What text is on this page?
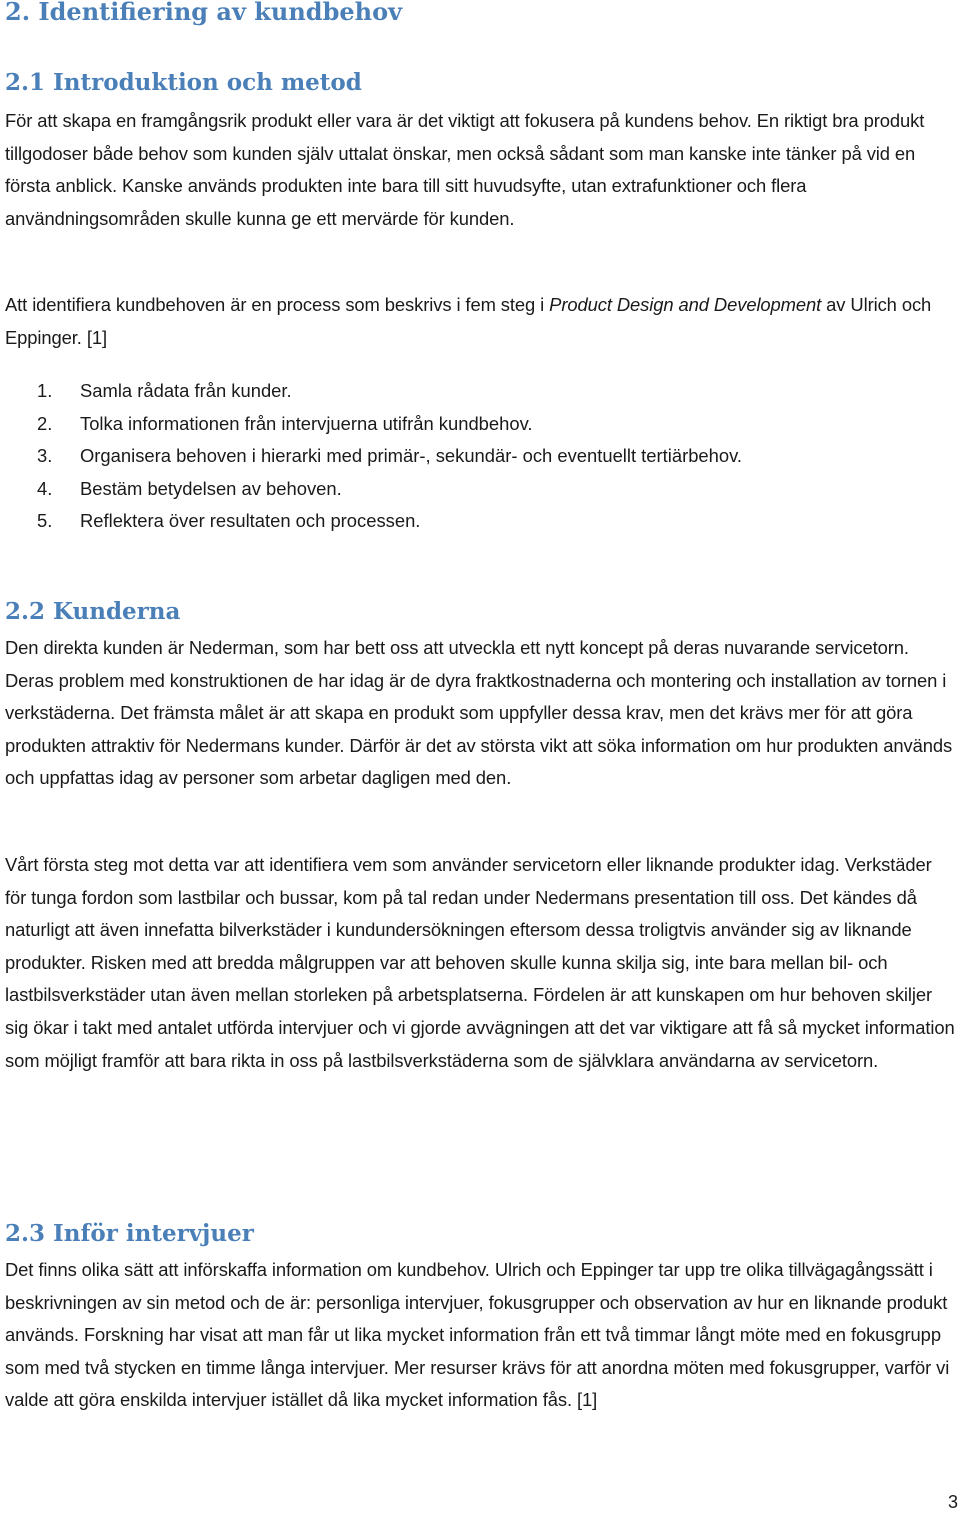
2. Identifiering av kundbehov
2.1 Introduktion och metod

För att skapa en framgångsrik produkt eller vara är det viktigt att fokusera på kundens behov. En riktigt bra produkt tillgodoser både behov som kunden själv uttalat önskar, men också sådant som man kanske inte tänker på vid en första anblick. Kanske används produkten inte bara till sitt huvudsyfte, utan extrafunktioner och flera användningsområden skulle kunna ge ett mervärde för kunden.

Att identifiera kundbehoven är en process som beskrivs i fem steg i Product Design and Development av Ulrich och Eppinger. [1]

1. Samla rådata från kunder.
2. Tolka informationen från intervjuerna utifrån kundbehov.
3. Organisera behoven i hierarki med primär-, sekundär- och eventuellt tertiärbehov.
4. Bestäm betydelsen av behoven.
5. Reflektera över resultaten och processen.
2.2 Kunderna

Den direkta kunden är Nederman, som har bett oss att utveckla ett nytt koncept på deras nuvarande servicetorn. Deras problem med konstruktionen de har idag är de dyra fraktkostnaderna och montering och installation av tornen i verkstäderna. Det främsta målet är att skapa en produkt som uppfyller dessa krav, men det krävs mer för att göra produkten attraktiv för Nedermans kunder. Därför är det av största vikt att söka information om hur produkten används och uppfattas idag av personer som arbetar dagligen med den.

Vårt första steg mot detta var att identifiera vem som använder servicetorn eller liknande produkter idag. Verkstäder för tunga fordon som lastbilar och bussar, kom på tal redan under Nedermans presentation till oss. Det kändes då naturligt att även innefatta bilverkstäder i kundundersökningen eftersom dessa troligtvis använder sig av liknande produkter. Risken med att bredda målgruppen var att behoven skulle kunna skilja sig, inte bara mellan bil- och lastbilsverkstäder utan även mellan storleken på arbetsplatserna. Fördelen är att kunskapen om hur behoven skiljer sig ökar i takt med antalet utförda intervjuer och vi gjorde avvägningen att det var viktigare att få så mycket information som möjligt framför att bara rikta in oss på lastbilsverkstäderna som de självklara användarna av servicetorn.

2.3 Inför intervjuer

Det finns olika sätt att införskaffa information om kundbehov. Ulrich och Eppinger tar upp tre olika tillvägagångssätt i beskrivningen av sin metod och de är: personliga intervjuer, fokusgrupper och observation av hur en liknande produkt används. Forskning har visat att man får ut lika mycket information från ett två timmar långt möte med en fokusgrupp som med två stycken en timme långa intervjuer. Mer resurser krävs för att anordna möten med fokusgrupper, varför vi valde att göra enskilda intervjuer istället då lika mycket information fås. [1]

3
